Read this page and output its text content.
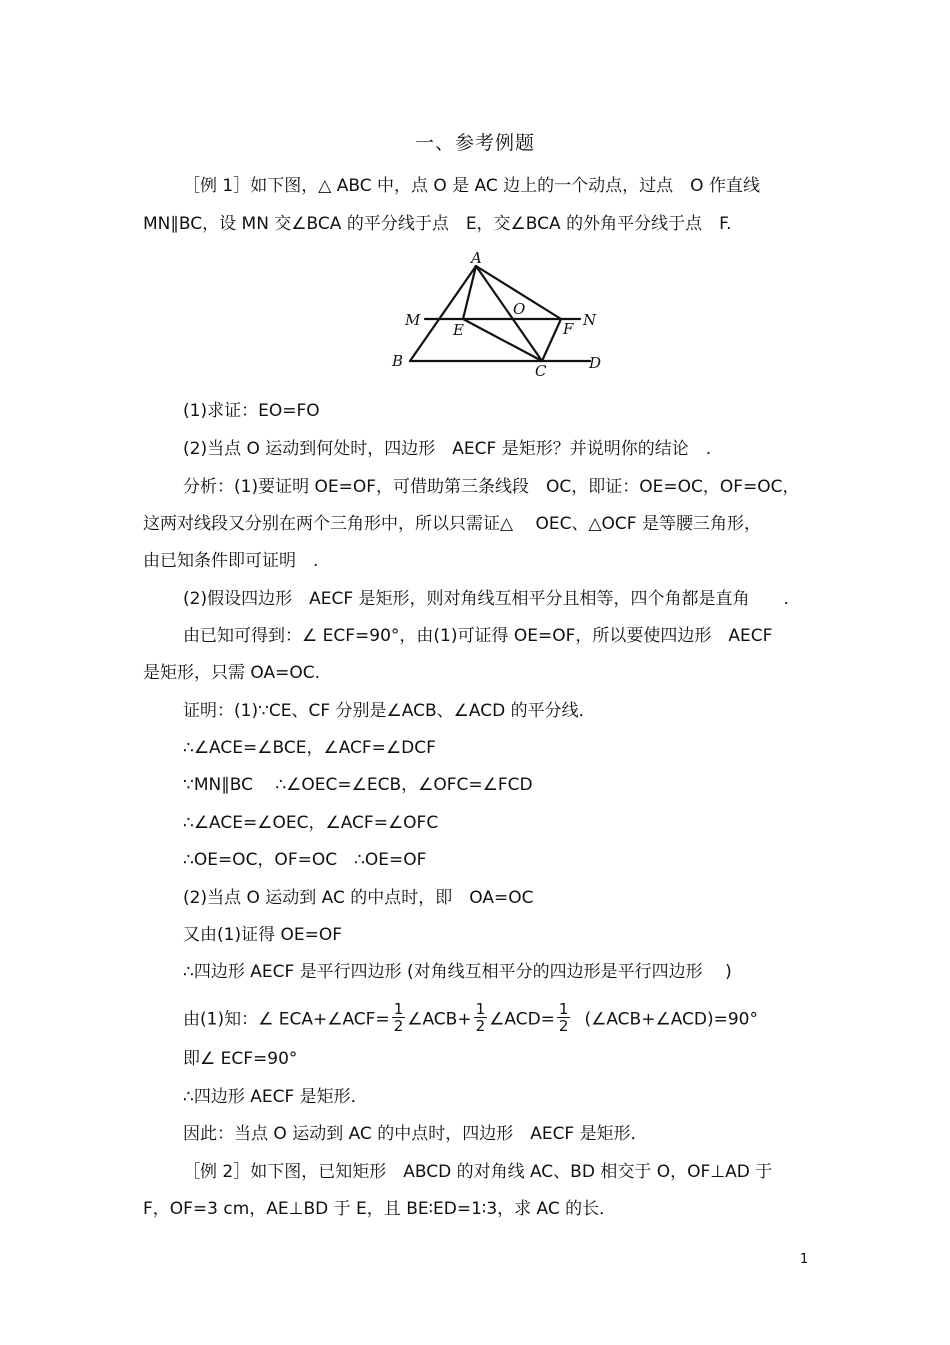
一、参考例题
［例 1］如下图，△ ABC 中，点 O 是 AC 边上的一个动点，过点　O 作直线
MN∥BC，设 MN 交∠BCA 的平分线于点　E，交∠BCA 的外角平分线于点　F.
A
M
E
O
F N
B
C	D
(1)求证：EO=FO
(2)当点 O 运动到何处时，四边形　AECF 是矩形？并说明你的结论　.
分析：(1)要证明 OE=OF，可借助第三条线段　OC，即证：OE=OC，OF=OC，
这两对线段又分别在两个三角形中，所以只需证△　 OEC、△OCF 是等腰三角形，
由已知条件即可证明　.
(2)假设四边形　AECF 是矩形，则对角线互相平分且相等，四个角都是直角　　.
由已知可得到：∠ ECF=90°，由(1)可证得 OE=OF，所以要使四边形　AECF
是矩形，只需 OA=OC.
证明：(1)∵CE、CF 分别是∠ACB、∠ACD 的平分线．
∴∠ACE=∠BCE，∠ACF=∠DCF
∵MN∥BC　 ∴∠OEC=∠ECB，∠OFC=∠FCD
∴∠ACE=∠OEC，∠ACF=∠OFC
∴OE=OC，OF=OC　∴OE=OF
(2)当点 O 运动到 AC 的中点时，即　OA=OC
又由(1)证得 OE=OF
∴四边形 AECF 是平行四边形 (对角线互相平分的四边形是平行四边形　 )
由(1)知：∠ ECA+∠ACF= $\frac{1}{2}$ ∠ACB+ $\frac{1}{2}$ ∠ACD= $\frac{1}{2}$ (∠ACB+∠ACD)=90°
即∠ ECF=90°
∴四边形 AECF 是矩形．
因此：当点 O 运动到 AC 的中点时，四边形　AECF 是矩形．
［例 2］如下图，已知矩形　ABCD 的对角线 AC、BD 相交于 O，OF⊥AD 于
F，OF=3 cm，AE⊥BD 于 E，且 BE∶ED=1∶3，求 AC 的长．
1
